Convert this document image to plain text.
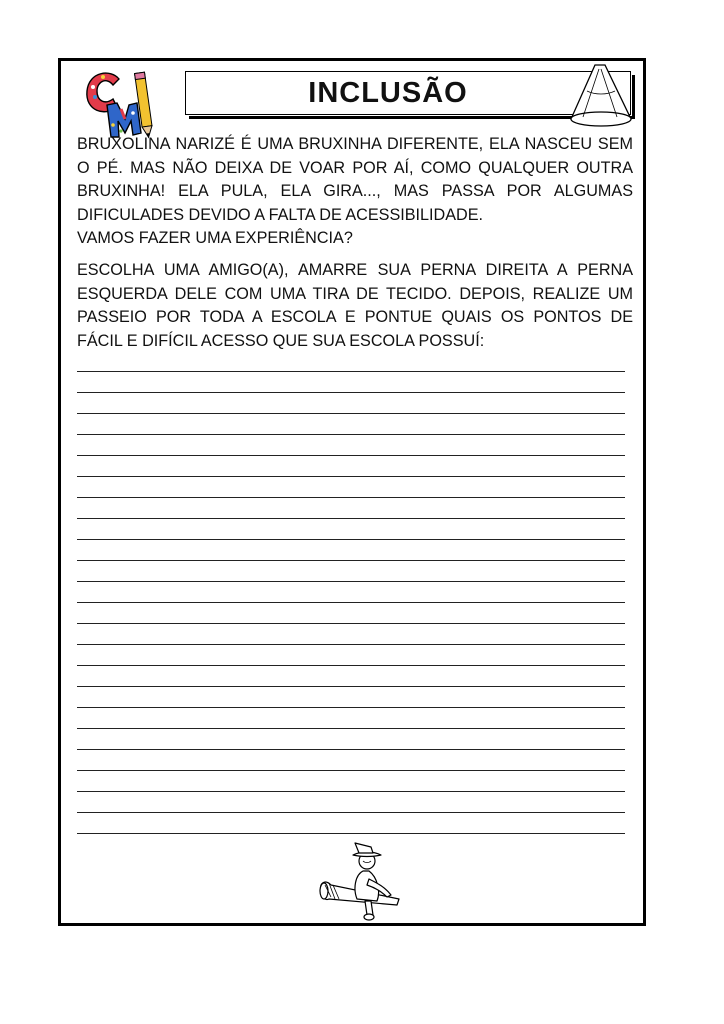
INCLUSÃO

BRUXOLINA NARIZÉ É UMA BRUXINHA DIFERENTE, ELA NASCEU SEM O PÉ. MAS NÃO DEIXA DE VOAR POR AÍ, COMO QUALQUER OUTRA BRUXINHA! ELA PULA, ELA GIRA..., MAS PASSA POR ALGUMAS DIFICULADES DEVIDO A FALTA DE ACESSIBILIDADE.

VAMOS FAZER UMA EXPERIÊNCIA?

ESCOLHA UMA AMIGO(A), AMARRE SUA PERNA DIREITA A PERNA ESQUERDA DELE COM UMA TIRA DE TECIDO. DEPOIS, REALIZE UM PASSEIO POR TODA A ESCOLA E PONTUE QUAIS OS PONTOS DE FÁCIL E DIFÍCIL ACESSO QUE SUA ESCOLA POSSUÍ:
